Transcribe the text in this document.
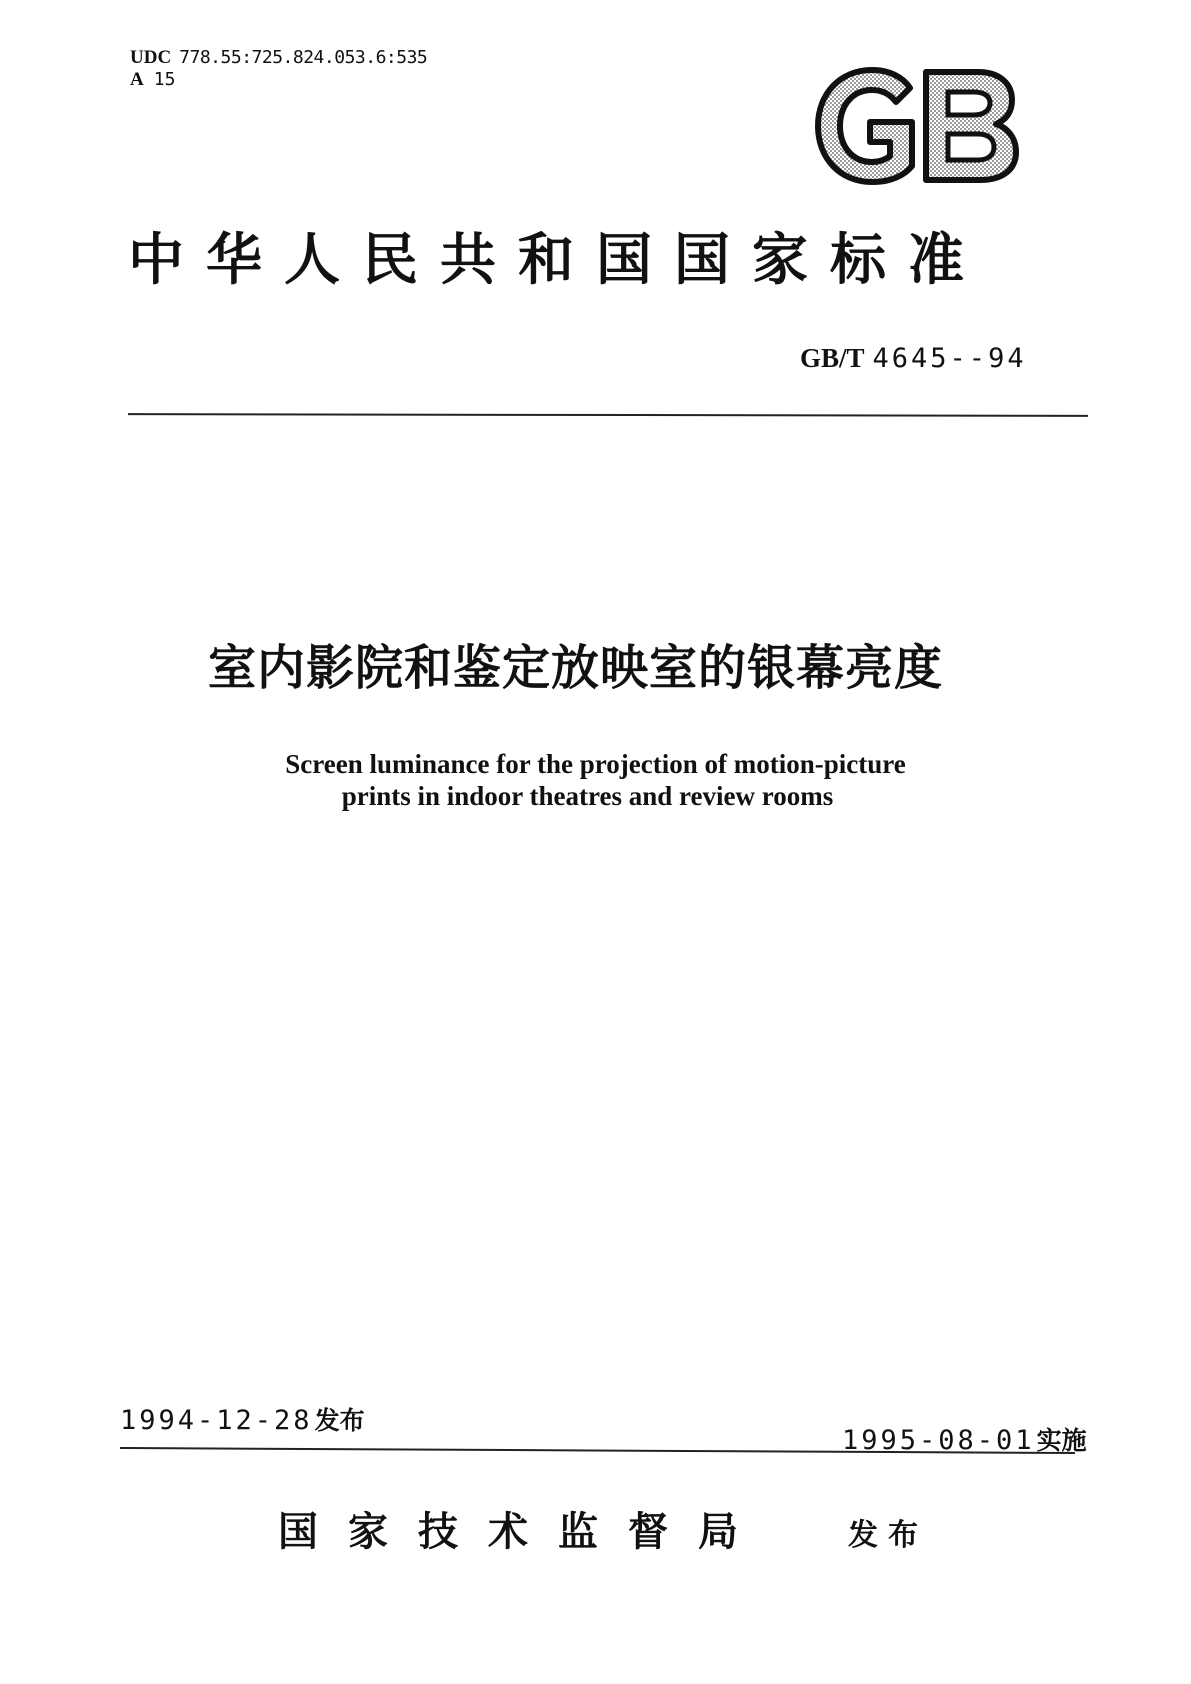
UDC 778.55:725.824.053.6:535
A 15
中华人民共和国国家标准
GB/T 4645--94
室内影院和鉴定放映室的银幕亮度
Screen luminance for the projection of motion-picture
prints in indoor theatres and review rooms
1994-12-28发布
1995-08-01实施
国家技术监督局	发布
